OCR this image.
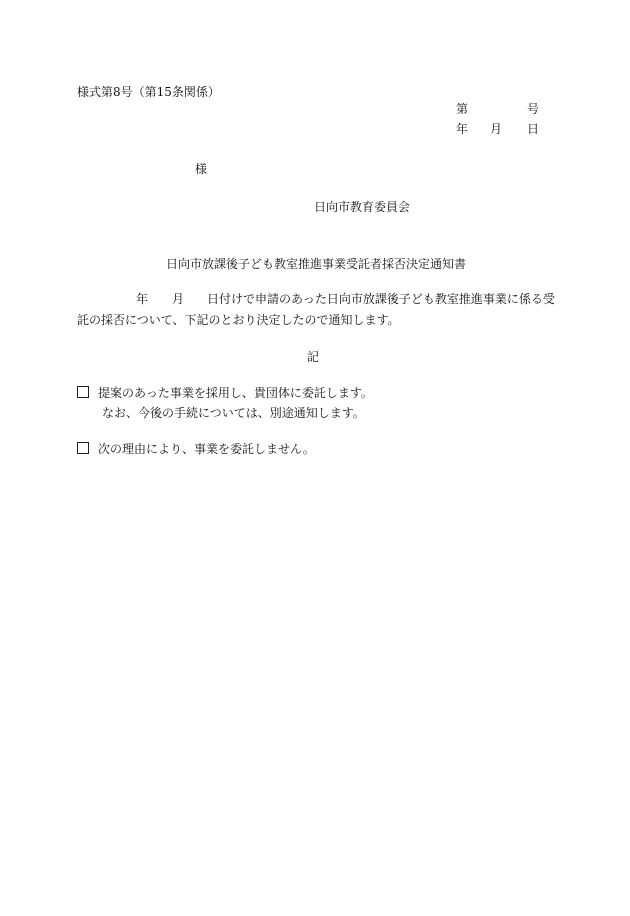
様式第8号（第15条関係）
第	号
年 月 日
様
日向市教育委員会
日向市放課後子ども教室推進事業受託者採否決定通知書
年 月 日付けで申請のあった日向市放課後子ども教室推進事業に係る受
託の採否について、下記のとおり決定したので通知します。
記
提案のあった事業を採用し、貴団体に委託します。
なお、今後の手続については、別途通知します。
次の理由により、事業を委託しません。
